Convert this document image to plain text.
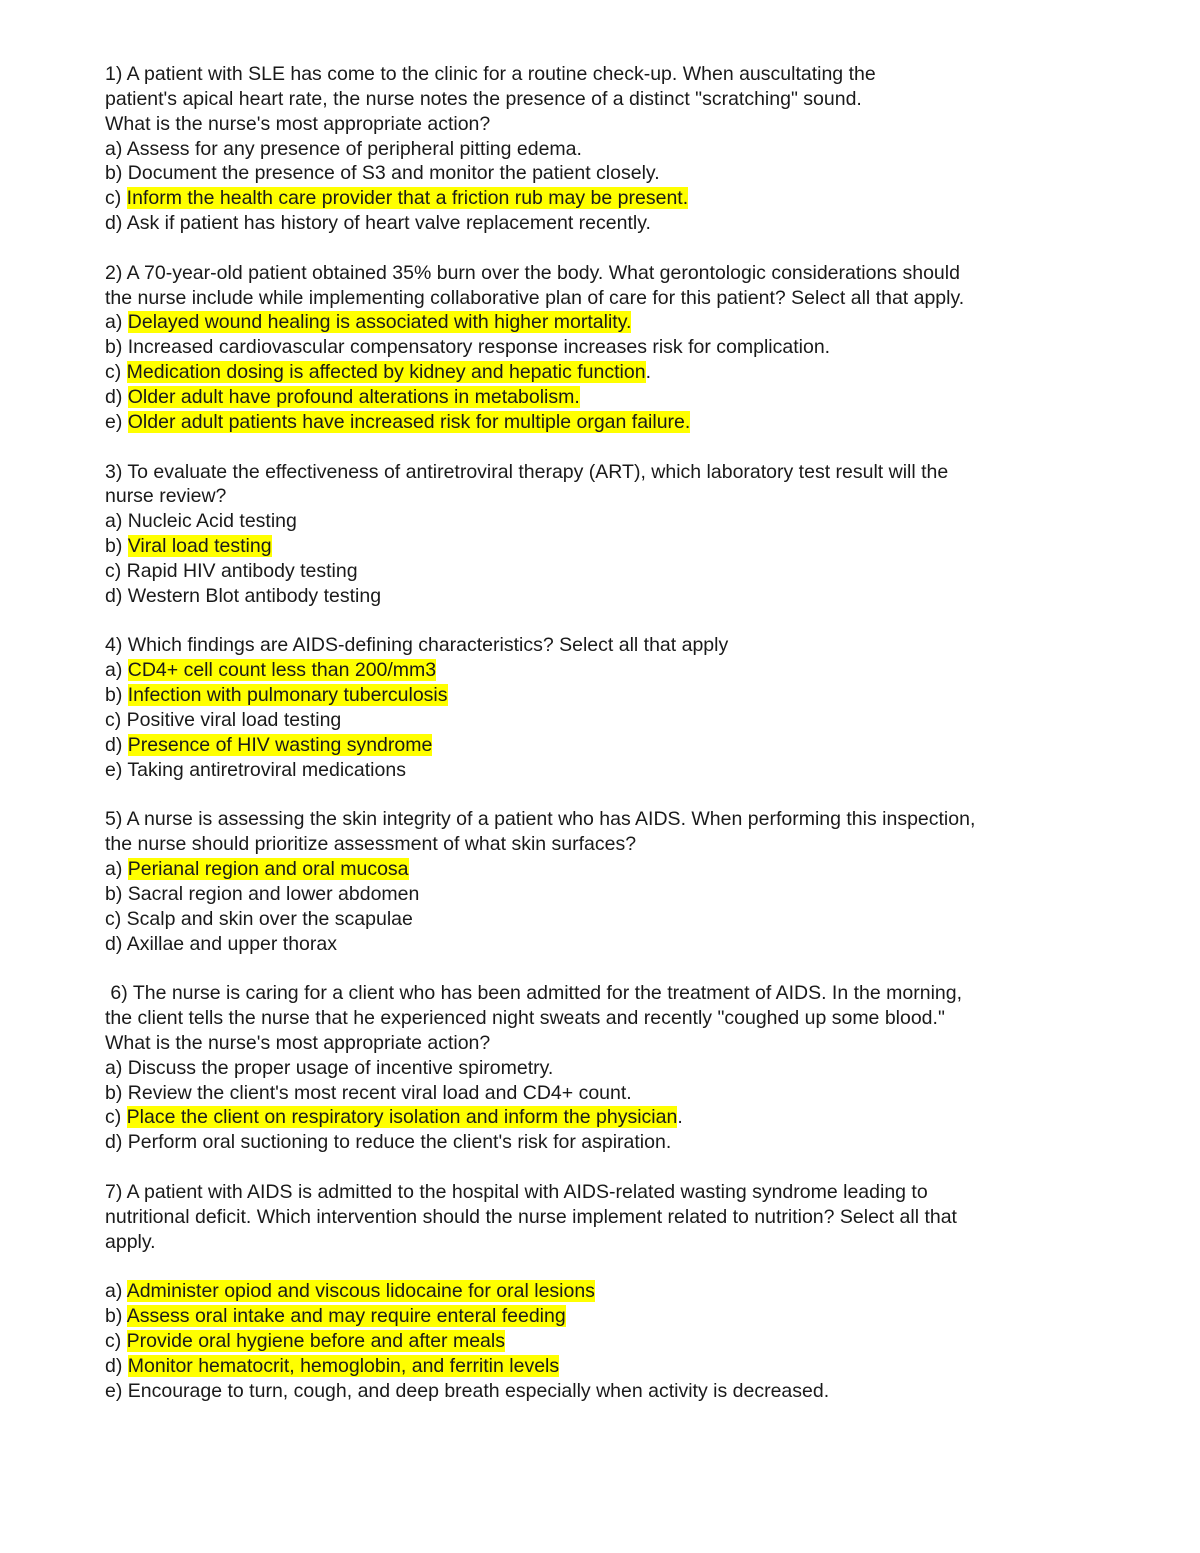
1) A patient with SLE has come to the clinic for a routine check-up. When auscultating the
patient's apical heart rate, the nurse notes the presence of a distinct "scratching" sound.
What is the nurse's most appropriate action?
a) Assess for any presence of peripheral pitting edema.
b) Document the presence of S3 and monitor the patient closely.
c) Inform the health care provider that a friction rub may be present.
d) Ask if patient has history of heart valve replacement recently.
2) A 70-year-old patient obtained 35% burn over the body. What gerontologic considerations should
the nurse include while implementing collaborative plan of care for this patient? Select all that apply.
a) Delayed wound healing is associated with higher mortality.
b) Increased cardiovascular compensatory response increases risk for complication.
c) Medication dosing is affected by kidney and hepatic function.
d) Older adult have profound alterations in metabolism.
e) Older adult patients have increased risk for multiple organ failure.
3) To evaluate the effectiveness of antiretroviral therapy (ART), which laboratory test result will the
nurse review?
a) Nucleic Acid testing
b) Viral load testing
c) Rapid HIV antibody testing
d) Western Blot antibody testing
4) Which findings are AIDS-defining characteristics? Select all that apply
a) CD4+ cell count less than 200/mm3
b) Infection with pulmonary tuberculosis
c) Positive viral load testing
d) Presence of HIV wasting syndrome
e) Taking antiretroviral medications
5) A nurse is assessing the skin integrity of a patient who has AIDS. When performing this inspection,
the nurse should prioritize assessment of what skin surfaces?
a) Perianal region and oral mucosa
b) Sacral region and lower abdomen
c) Scalp and skin over the scapulae
d) Axillae and upper thorax
6) The nurse is caring for a client who has been admitted for the treatment of AIDS. In the morning,
the client tells the nurse that he experienced night sweats and recently "coughed up some blood."
What is the nurse's most appropriate action?
a) Discuss the proper usage of incentive spirometry.
b) Review the client's most recent viral load and CD4+ count.
c) Place the client on respiratory isolation and inform the physician.
d) Perform oral suctioning to reduce the client's risk for aspiration.
7) A patient with AIDS is admitted to the hospital with AIDS-related wasting syndrome leading to
nutritional deficit. Which intervention should the nurse implement related to nutrition? Select all that
apply.
a) Administer opiod and viscous lidocaine for oral lesions
b) Assess oral intake and may require enteral feeding
c) Provide oral hygiene before and after meals
d) Monitor hematocrit, hemoglobin, and ferritin levels
e) Encourage to turn, cough, and deep breath especially when activity is decreased.
